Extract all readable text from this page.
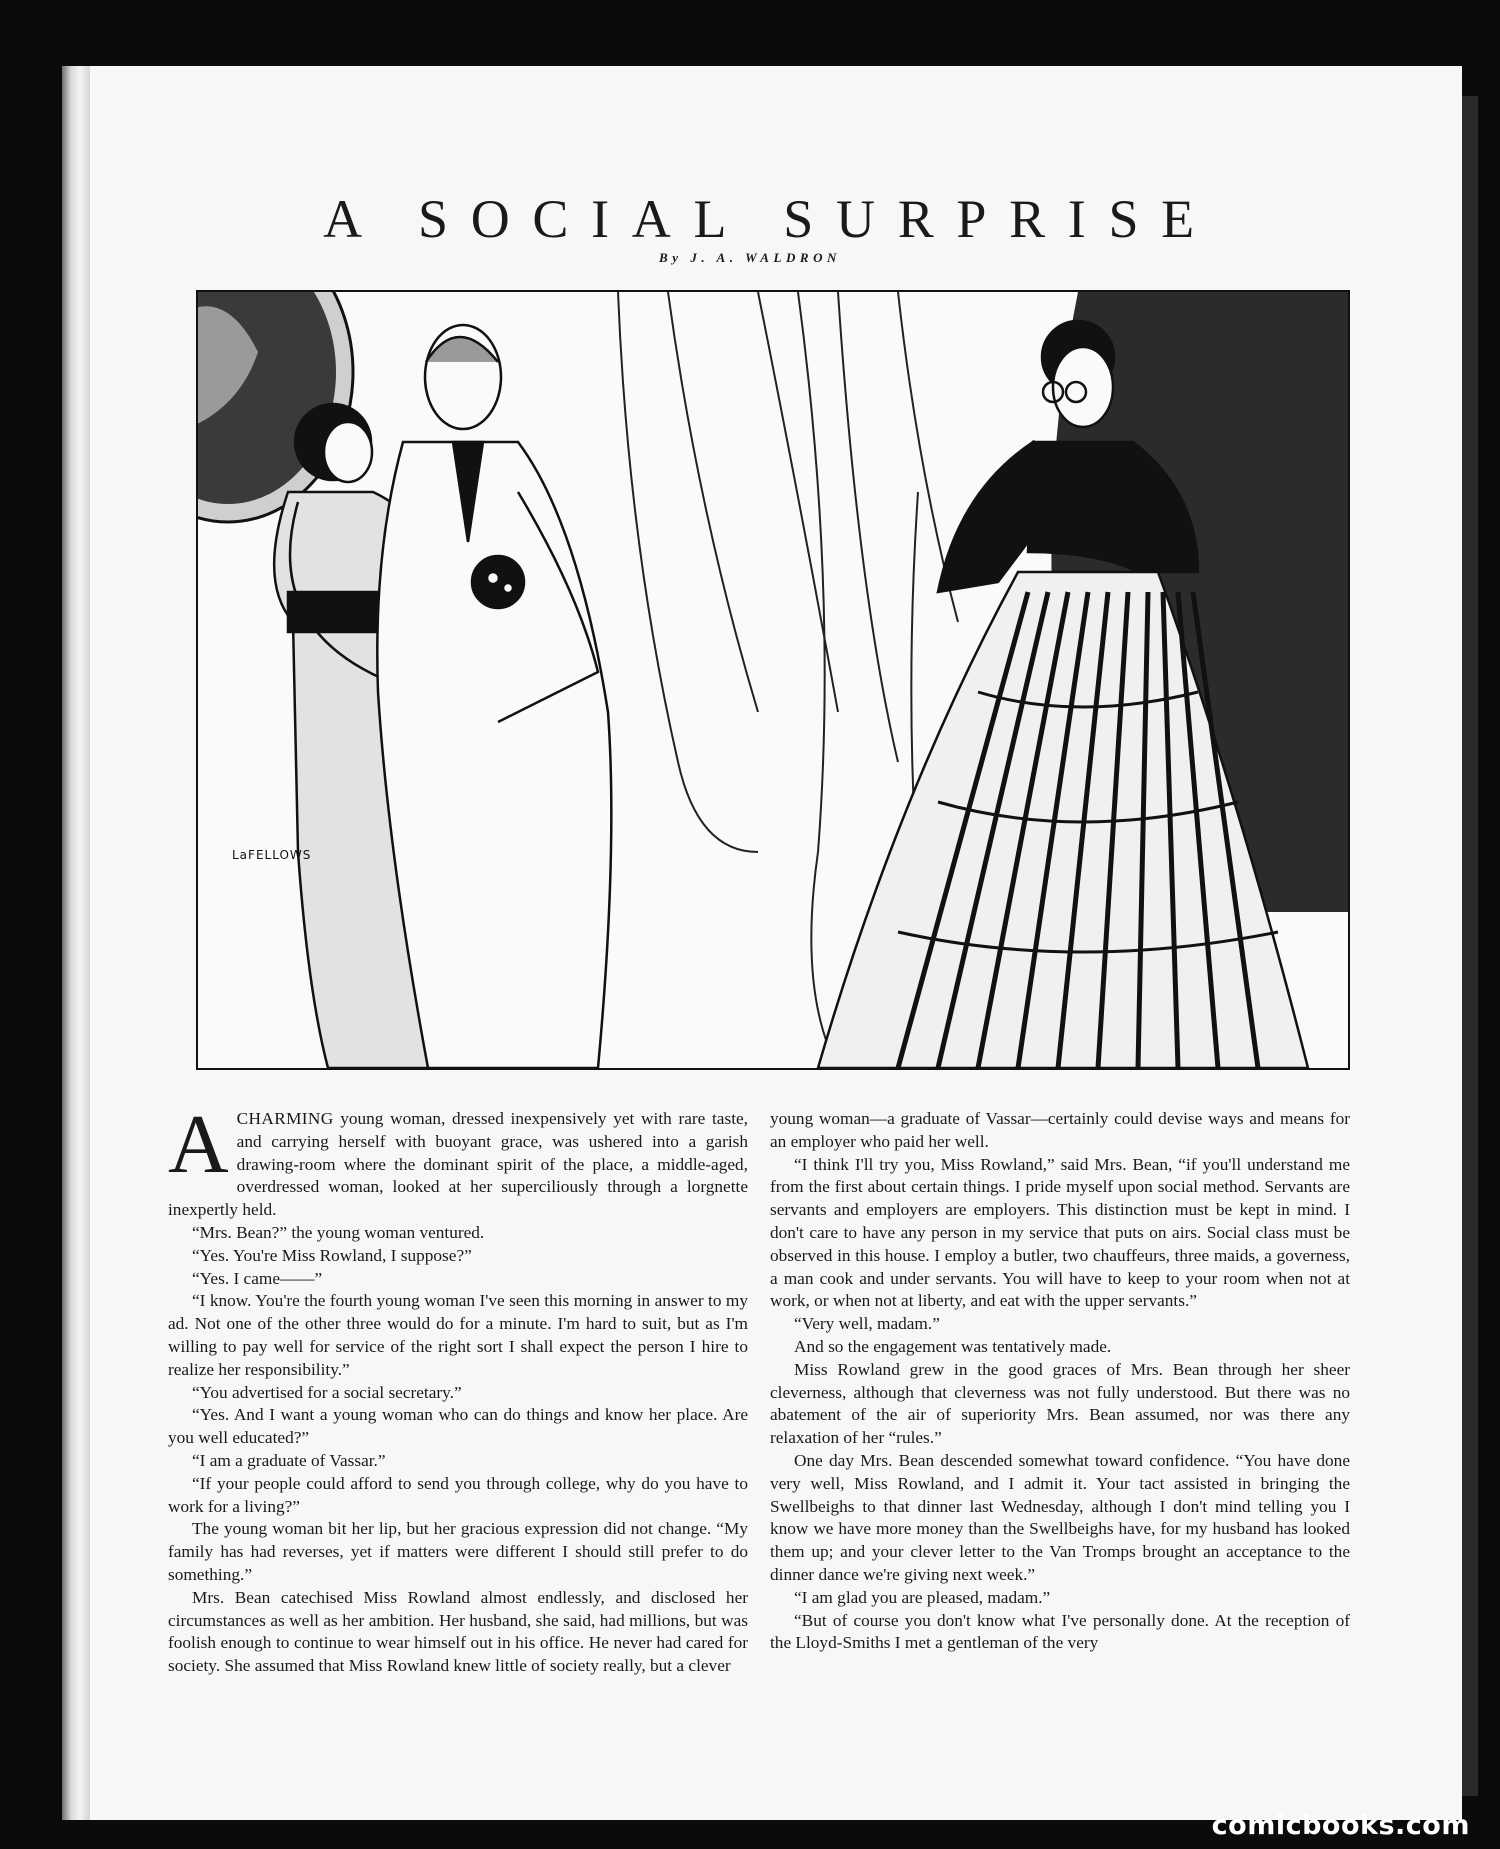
A SOCIAL SURPRISE
By J. A. WALDRON
LaFELLOWS

ACHARMING young woman, dressed inexpensively yet with rare taste, and carrying herself with buoyant grace, was ushered into a garish drawing-room where the dominant spirit of the place, a middle-aged, overdressed woman, looked at her superciliously through a lorgnette inexpertly held.

“Mrs. Bean?” the young woman ventured.

“Yes. You're Miss Rowland, I suppose?”

“Yes. I came——”

“I know. You're the fourth young woman I've seen this morning in answer to my ad. Not one of the other three would do for a minute. I'm hard to suit, but as I'm willing to pay well for service of the right sort I shall expect the person I hire to realize her responsibility.”

“You advertised for a social secretary.”

“Yes. And I want a young woman who can do things and know her place. Are you well educated?”

“I am a graduate of Vassar.”

“If your people could afford to send you through college, why do you have to work for a living?”

The young woman bit her lip, but her gracious expression did not change. “My family has had reverses, yet if matters were different I should still prefer to do something.”

Mrs. Bean catechised Miss Rowland almost endlessly, and disclosed her circumstances as well as her ambition. Her husband, she said, had millions, but was foolish enough to continue to wear himself out in his office. He never had cared for society. She assumed that Miss Rowland knew little of society really, but a clever

young woman—a graduate of Vassar—certainly could devise ways and means for an employer who paid her well.

“I think I'll try you, Miss Rowland,” said Mrs. Bean, “if you'll understand me from the first about certain things. I pride myself upon social method. Servants are servants and employers are employers. This distinction must be kept in mind. I don't care to have any person in my service that puts on airs. Social class must be observed in this house. I employ a butler, two chauffeurs, three maids, a governess, a man cook and under servants. You will have to keep to your room when not at work, or when not at liberty, and eat with the upper servants.”

“Very well, madam.”

And so the engagement was tentatively made.

Miss Rowland grew in the good graces of Mrs. Bean through her sheer cleverness, although that cleverness was not fully understood. But there was no abatement of the air of superiority Mrs. Bean assumed, nor was there any relaxation of her “rules.”

One day Mrs. Bean descended somewhat toward confidence. “You have done very well, Miss Rowland, and I admit it. Your tact assisted in bringing the Swellbeighs to that dinner last Wednesday, although I don't mind telling you I know we have more money than the Swellbeighs have, for my husband has looked them up; and your clever letter to the Van Tromps brought an acceptance to the dinner dance we're giving next week.”

“I am glad you are pleased, madam.”

“But of course you don't know what I've personally done. At the reception of the Lloyd-Smiths I met a gentleman of the very

comicbooks.com
